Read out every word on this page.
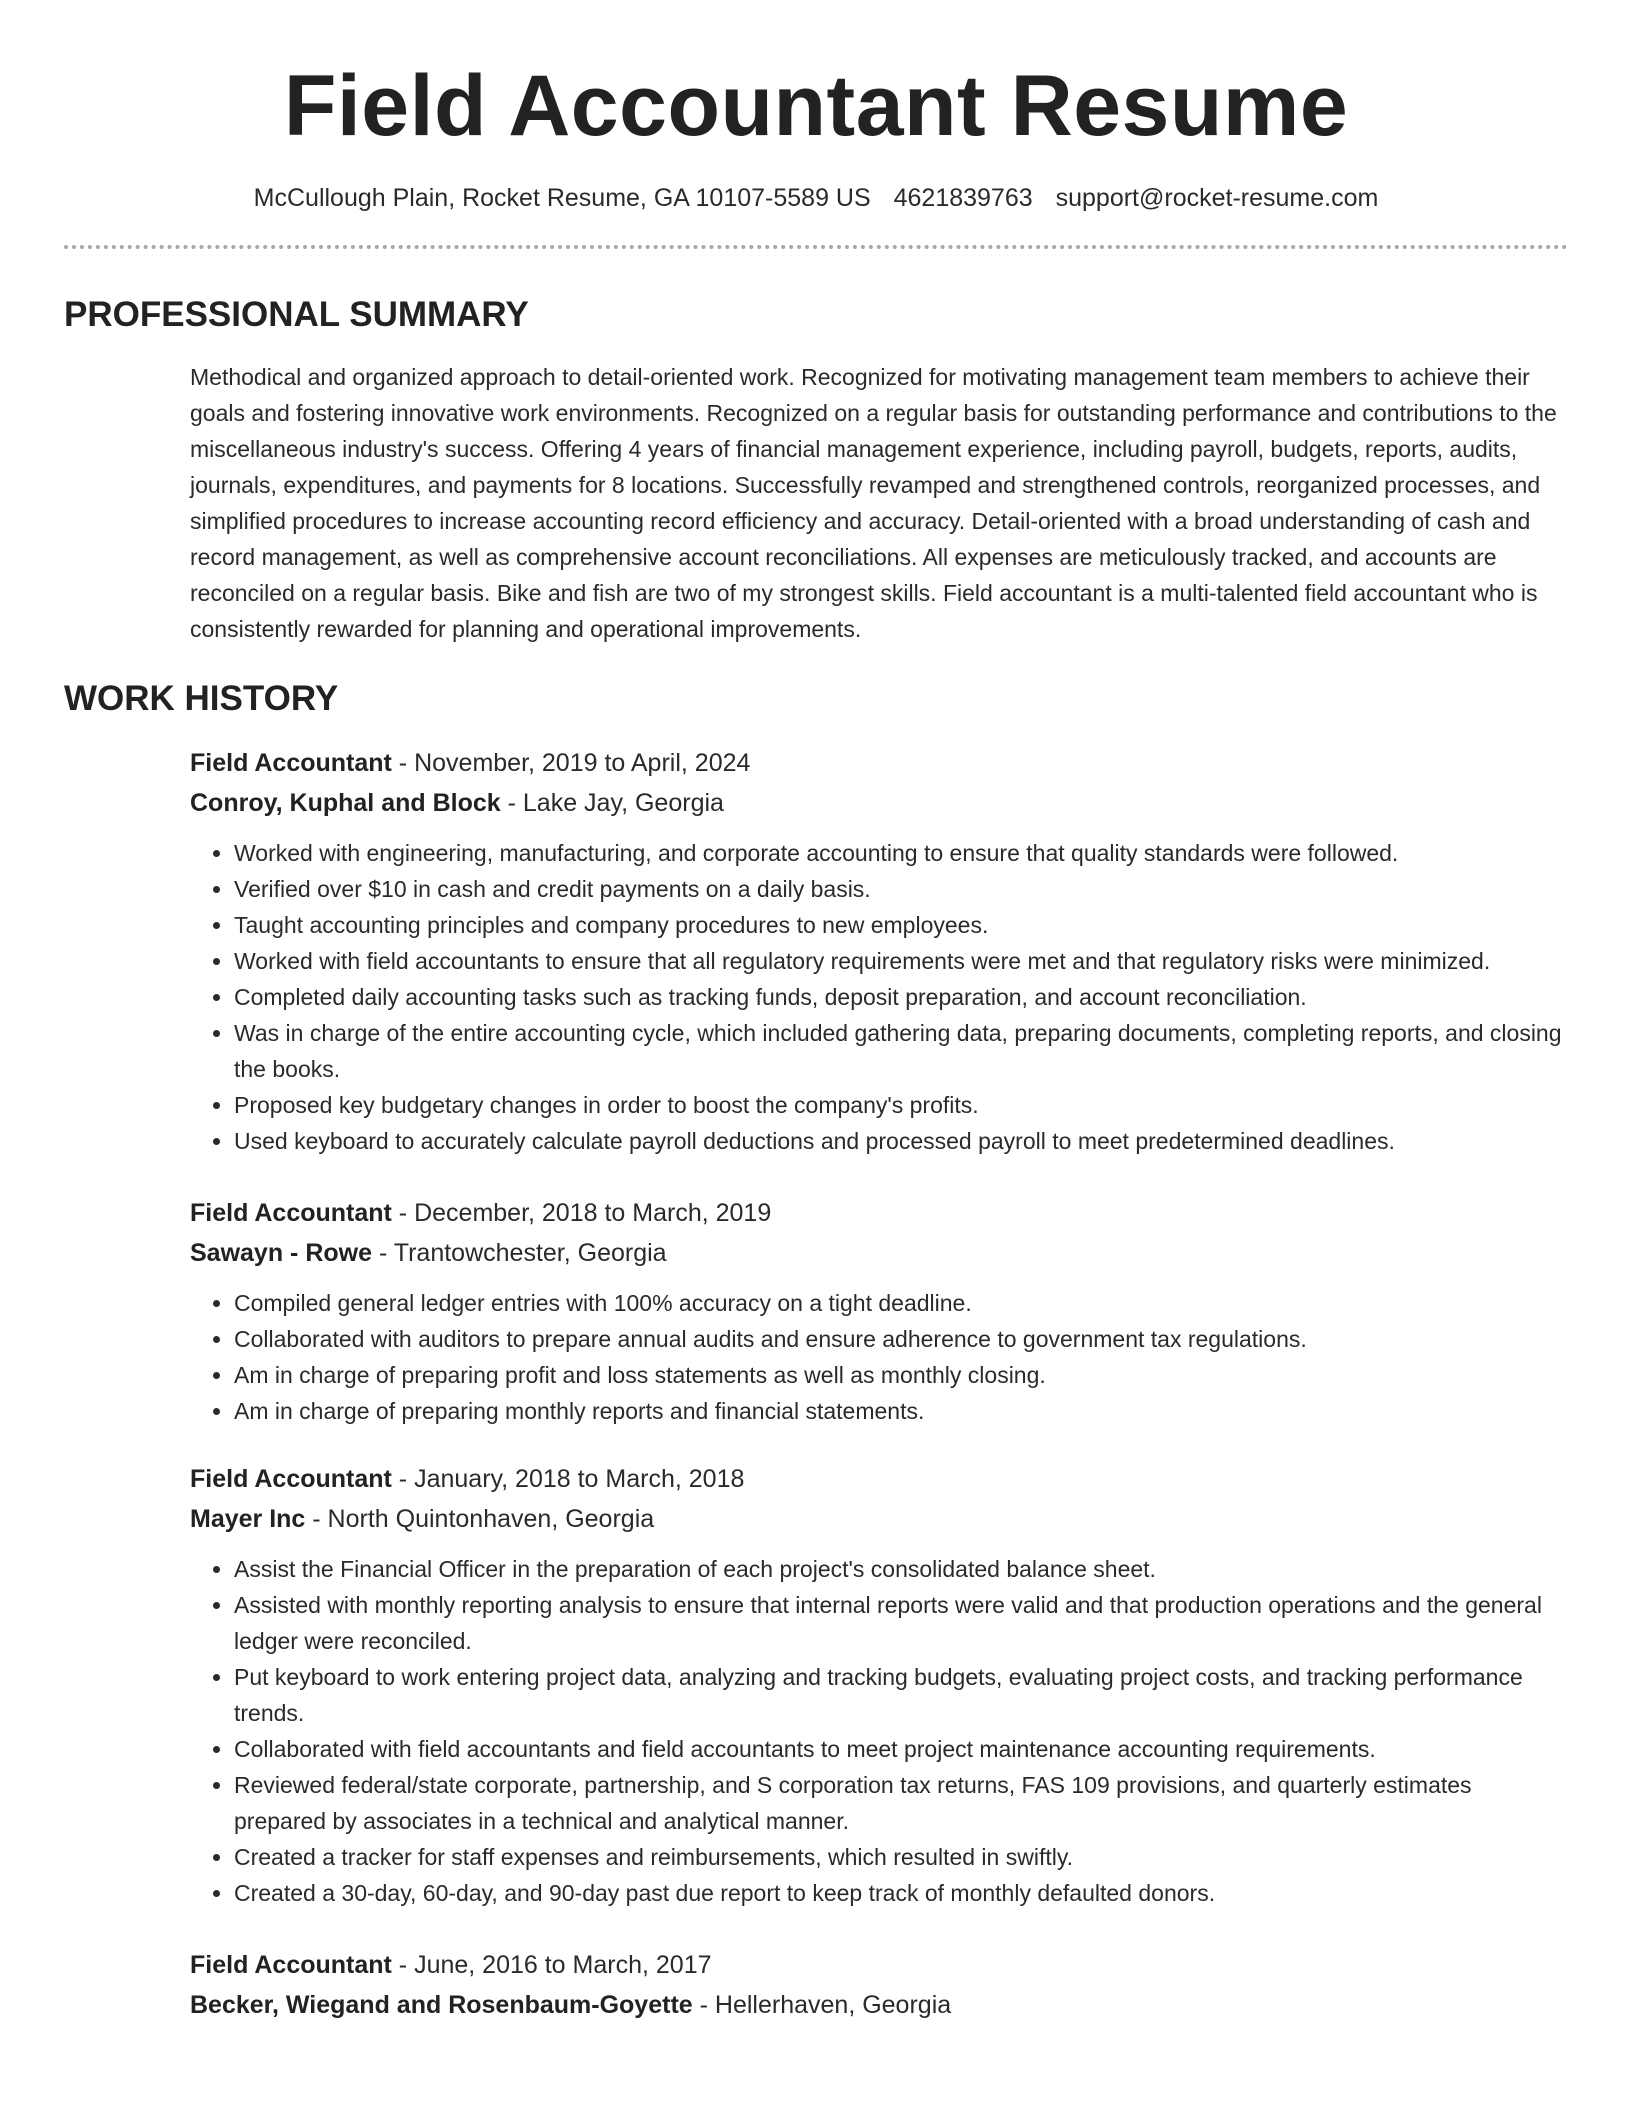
Field Accountant Resume
McCullough Plain, Rocket Resume, GA 10107-5589 US 4621839763 support@rocket-resume.com
PROFESSIONAL SUMMARY

Methodical and organized approach to detail-oriented work. Recognized for motivating management team members to achieve their goals and fostering innovative work environments. Recognized on a regular basis for outstanding performance and contributions to the miscellaneous industry's success. Offering 4 years of financial management experience, including payroll, budgets, reports, audits, journals, expenditures, and payments for 8 locations. Successfully revamped and strengthened controls, reorganized processes, and simplified procedures to increase accounting record efficiency and accuracy. Detail-oriented with a broad understanding of cash and record management, as well as comprehensive account reconciliations. All expenses are meticulously tracked, and accounts are reconciled on a regular basis. Bike and fish are two of my strongest skills. Field accountant is a multi-talented field accountant who is consistently rewarded for planning and operational improvements.

WORK HISTORY
Field Accountant - November, 2019 to April, 2024
Conroy, Kuphal and Block - Lake Jay, Georgia
• Worked with engineering, manufacturing, and corporate accounting to ensure that quality standards were followed.
• Verified over $10 in cash and credit payments on a daily basis.
• Taught accounting principles and company procedures to new employees.
• Worked with field accountants to ensure that all regulatory requirements were met and that regulatory risks were minimized.
• Completed daily accounting tasks such as tracking funds, deposit preparation, and account reconciliation.
• Was in charge of the entire accounting cycle, which included gathering data, preparing documents, completing reports, and closing the books.
• Proposed key budgetary changes in order to boost the company's profits.
• Used keyboard to accurately calculate payroll deductions and processed payroll to meet predetermined deadlines.
Field Accountant - December, 2018 to March, 2019
Sawayn - Rowe - Trantowchester, Georgia
• Compiled general ledger entries with 100% accuracy on a tight deadline.
• Collaborated with auditors to prepare annual audits and ensure adherence to government tax regulations.
• Am in charge of preparing profit and loss statements as well as monthly closing.
• Am in charge of preparing monthly reports and financial statements.
Field Accountant - January, 2018 to March, 2018
Mayer Inc - North Quintonhaven, Georgia
• Assist the Financial Officer in the preparation of each project's consolidated balance sheet.
• Assisted with monthly reporting analysis to ensure that internal reports were valid and that production operations and the general ledger were reconciled.
• Put keyboard to work entering project data, analyzing and tracking budgets, evaluating project costs, and tracking performance trends.
• Collaborated with field accountants and field accountants to meet project maintenance accounting requirements.
• Reviewed federal/state corporate, partnership, and S corporation tax returns, FAS 109 provisions, and quarterly estimates prepared by associates in a technical and analytical manner.
• Created a tracker for staff expenses and reimbursements, which resulted in swiftly.
• Created a 30-day, 60-day, and 90-day past due report to keep track of monthly defaulted donors.
Field Accountant - June, 2016 to March, 2017
Becker, Wiegand and Rosenbaum-Goyette - Hellerhaven, Georgia
